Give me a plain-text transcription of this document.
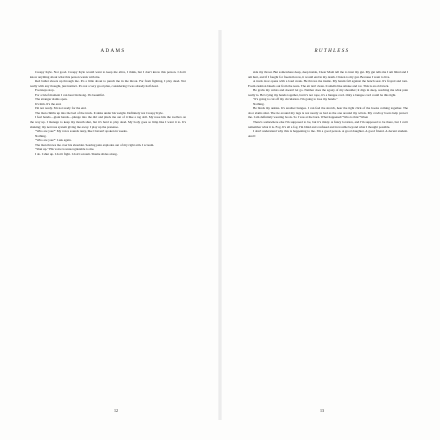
ADAMS

Creepy Kyle. Not good. Creepy Kyle would want to keep me alive, I think, but I don't know this person. I don't know anything about what this person wants with me.

Red bullet shoots up through me. It's a little about to punch me in the throat. Far from fighting, I play dead. Not really with any thought, just instinct. It's not a very good plan, considering I was already half dead.

Footsteps stop.

For a brief moment I can hear birdsong. It's beautiful.

The stranger slams open.

It's him. It's the end.

I'm not ready. I'm not ready for the end.

The man climbs up into the bed of the truck. It sinks under his weight. Definitely not Creepy Kyle.

I feel hands—giant hands—plunge into the dirt and pluck me out of it like a rag doll. My nose hits the toolbox on the way up. I manage to keep my mouth shut, but it's hard to play dead. My body goes so limp like I want it to. It's shaking; my nervous system giving me away. I play up the pretense.

"Who are you?" My voice sounds rusty, like I haven't spoken in weeks.

Nothing.

"Who are you?" I ask again.

The man throws me over his shoulder. Searing pain explodes out of my right arm. I scream.

"Shut up." His voice is unrecognizable to me.

I do. I shut up. I don't fight. I don't scream. Shame slides along-

12
RUTHLESS

side my throat. But somewhere deep, deep inside, I hear Mom tell me to trust my gut. My gut tells me I am blind and I am hurt, and if I fought for freedom now, it would end in my death. I listen to my gut. Because I want to live.

A truck door opens with a loud creak. He throws me inside. My hands fall against the bench seat. It's frayed and torn. Foam cushion bleeds out from the tears. The air isn't clean. It smells like smoke and rot. This is an old truck.

He grabs my wrists and doesn't let go. Neither does the agony of my shoulder; it digs in deep, reaching me what pain really is. He's tying my hands together, but it's not rope, it's a bungee cord. Only a bungee cord could be this tight.

"It's going to cut off my circulation. I'm going to lose my hands."

Nothing.

He binds my ankles. It's another bungee. I can feel the stretch, hear the tight click of the hooks coming together. The door slams shut. The tie around my legs is not nearly as bad as the one around my wrists. My cowboy boots help protect me. I am definitely wearing boots. So I was at the barn. What happened? Who is this? When

There's somewhere else I'm supposed to be, but it's misty. A fuzzy location, and I'm supposed to be there, but I can't remember what it is. Fog. It's all a fog. I'm blind and confused and in trouble beyond what I thought possible.

I don't understand why this is happening to me. I'm a good person. A good daughter. A good friend. A decent student. And I

13
